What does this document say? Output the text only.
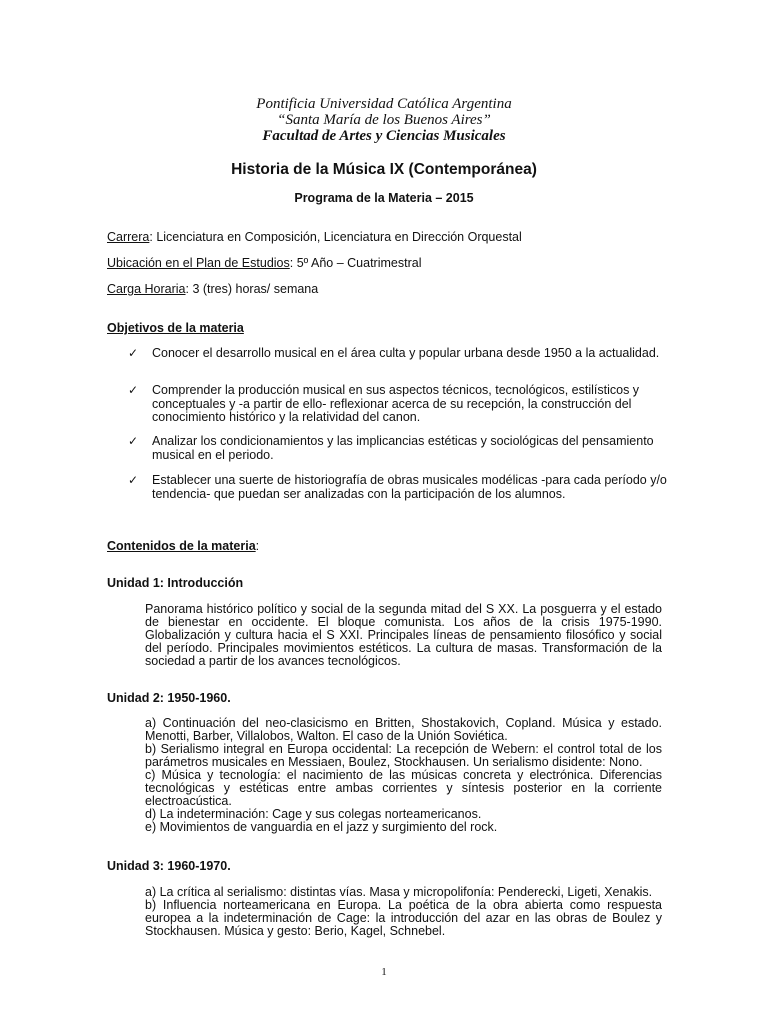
Pontificia Universidad Católica Argentina
“Santa María de los Buenos Aires”
Facultad de Artes y Ciencias Musicales
Historia de la Música IX (Contemporánea)
Programa de la Materia – 2015
Carrera: Licenciatura en Composición, Licenciatura en Dirección Orquestal
Ubicación en el Plan de Estudios: 5º Año – Cuatrimestral
Carga Horaria: 3 (tres) horas/ semana
Objetivos de la materia
✓ Conocer el desarrollo musical en el área culta y popular urbana desde 1950 a la actualidad.
✓ Comprender la producción musical en sus aspectos técnicos, tecnológicos, estilísticos y conceptuales y -a partir de ello- reflexionar acerca de su recepción, la construcción del conocimiento histórico y la relatividad del canon.
✓ Analizar los condicionamientos y las implicancias estéticas y sociológicas del pensamiento musical en el periodo.
✓ Establecer una suerte de historiografía de obras musicales modélicas -para cada período y/o tendencia- que puedan ser analizadas con la participación de los alumnos.
Contenidos de la materia:
Unidad 1: Introducción
Panorama histórico político y social de la segunda mitad del S XX. La posguerra y el estado de bienestar en occidente. El bloque comunista. Los años de la crisis 1975-1990. Globalización y cultura hacia el S XXI. Principales líneas de pensamiento filosófico y social del período. Principales movimientos estéticos. La cultura de masas. Transformación de la sociedad a partir de los avances tecnológicos.
Unidad 2: 1950-1960.
a) Continuación del neo-clasicismo en Britten, Shostakovich, Copland. Música y estado. Menotti, Barber, Villalobos, Walton. El caso de la Unión Soviética.
b) Serialismo integral en Europa occidental: La recepción de Webern: el control total de los parámetros musicales en Messiaen, Boulez, Stockhausen. Un serialismo disidente: Nono.
c) Música y tecnología: el nacimiento de las músicas concreta y electrónica. Diferencias tecnológicas y estéticas entre ambas corrientes y síntesis posterior en la corriente electroacústica.
d) La indeterminación: Cage y sus colegas norteamericanos.
e) Movimientos de vanguardia en el jazz y surgimiento del rock.
Unidad 3: 1960-1970.
a) La crítica al serialismo: distintas vías. Masa y micropolifonía: Penderecki, Ligeti, Xenakis.
b) Influencia norteamericana en Europa. La poética de la obra abierta como respuesta europea a la indeterminación de Cage: la introducción del azar en las obras de Boulez y Stockhausen. Música y gesto: Berio, Kagel, Schnebel.
1
